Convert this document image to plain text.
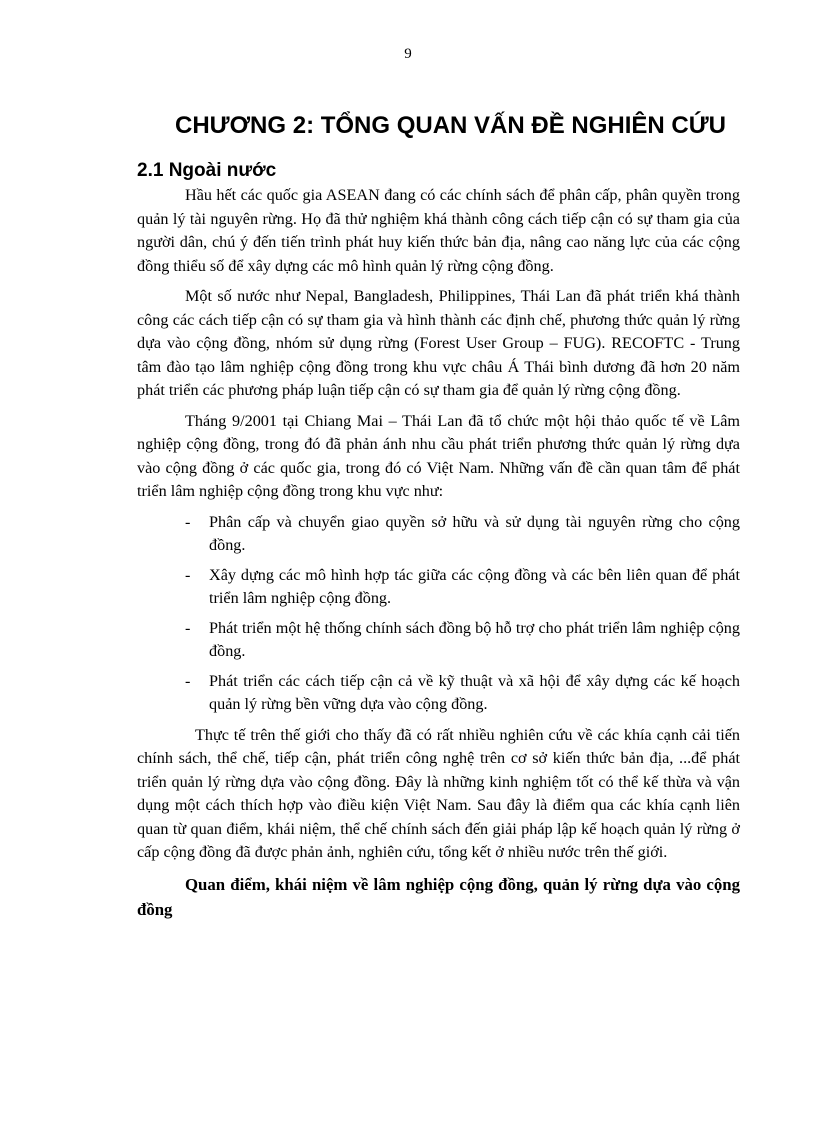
9
CHƯƠNG 2: TỔNG QUAN VẤN ĐỀ NGHIÊN CỨU
2.1 Ngoài nước

Hầu hết các quốc gia ASEAN đang có các chính sách để phân cấp, phân quyền trong quản lý tài nguyên rừng. Họ đã thử nghiệm khá thành công cách tiếp cận có sự tham gia của người dân, chú ý đến tiến trình phát huy kiến thức bản địa, nâng cao năng lực của các cộng đồng thiểu số để xây dựng các mô hình quản lý rừng cộng đồng.

Một số nước như Nepal, Bangladesh, Philippines, Thái Lan đã phát triển khá thành công các cách tiếp cận có sự tham gia và hình thành các định chế, phương thức quản lý rừng dựa vào cộng đồng, nhóm sử dụng rừng (Forest User Group – FUG). RECOFTC - Trung tâm đào tạo lâm nghiệp cộng đồng trong khu vực châu Á Thái bình dương đã hơn 20 năm phát triển các phương pháp luận tiếp cận có sự tham gia để quản lý rừng cộng đồng.

Tháng 9/2001 tại Chiang Mai – Thái Lan đã tổ chức một hội thảo quốc tế về Lâm nghiệp cộng đồng, trong đó đã phản ánh nhu cầu phát triển phương thức quản lý rừng dựa vào cộng đồng ở các quốc gia, trong đó có Việt Nam. Những vấn đề cần quan tâm để phát triển lâm nghiệp cộng đồng trong khu vực như:

- Phân cấp và chuyển giao quyền sở hữu và sử dụng tài nguyên rừng cho cộng đồng.
- Xây dựng các mô hình hợp tác giữa các cộng đồng và các bên liên quan để phát triển lâm nghiệp cộng đồng.
- Phát triển một hệ thống chính sách đồng bộ hỗ trợ cho phát triển lâm nghiệp cộng đồng.
- Phát triển các cách tiếp cận cả về kỹ thuật và xã hội để xây dựng các kế hoạch quản lý rừng bền vững dựa vào cộng đồng.

Thực tế trên thế giới cho thấy đã có rất nhiều nghiên cứu về các khía cạnh cải tiến chính sách, thể chế, tiếp cận, phát triển công nghệ trên cơ sở kiến thức bản địa, ...để phát triển quản lý rừng dựa vào cộng đồng. Đây là những kinh nghiệm tốt có thể kế thừa và vận dụng một cách thích hợp vào điều kiện Việt Nam. Sau đây là điểm qua các khía cạnh liên quan từ quan điểm, khái niệm, thể chế chính sách đến giải pháp lập kế hoạch quản lý rừng ở cấp cộng đồng đã được phản ảnh, nghiên cứu, tổng kết ở nhiều nước trên thế giới.

Quan điểm, khái niệm về lâm nghiệp cộng đồng, quản lý rừng dựa vào cộng đồng
